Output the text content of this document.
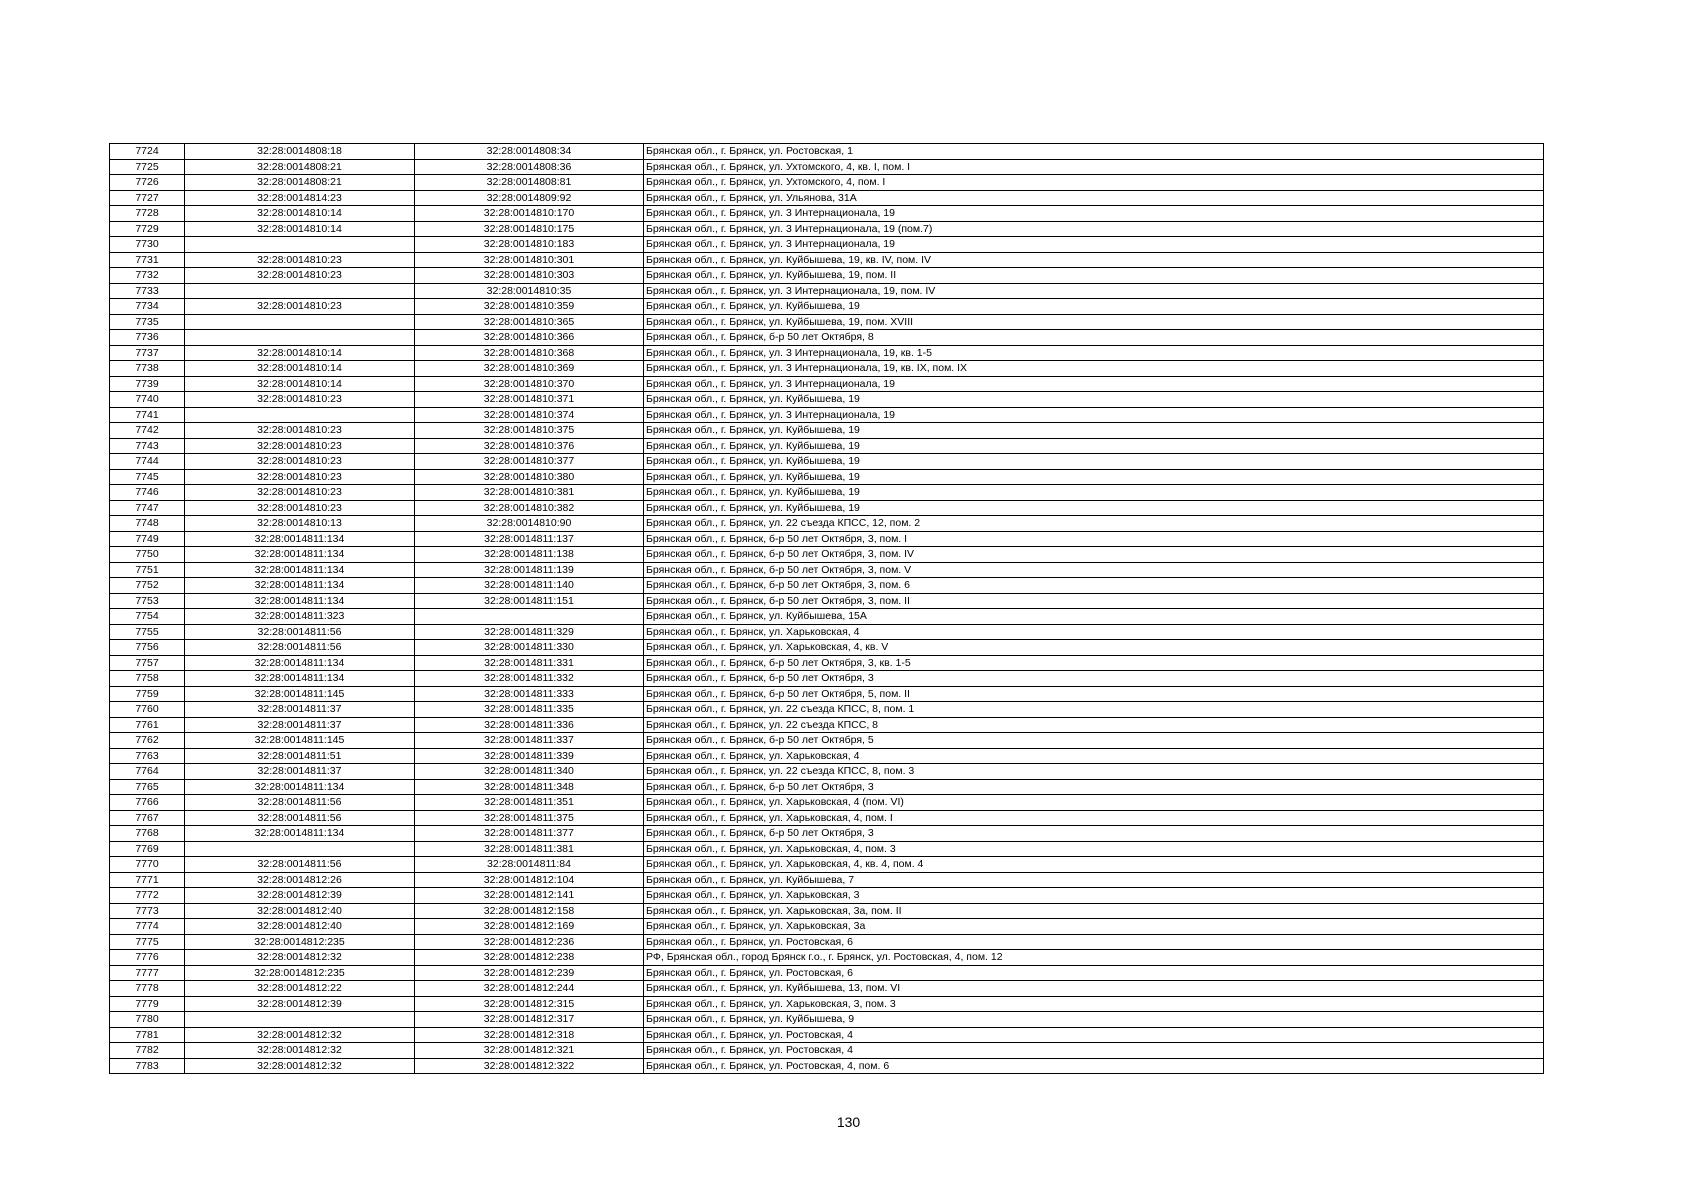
7724	32:28:0014808:18	32:28:0014808:34	Брянская обл., г. Брянск, ул. Ростовская, 1
7725	32:28:0014808:21	32:28:0014808:36	Брянская обл., г. Брянск, ул. Ухтомского, 4, кв. I, пом. I
7726	32:28:0014808:21	32:28:0014808:81	Брянская обл., г. Брянск, ул. Ухтомского, 4, пом. I
7727	32:28:0014814:23	32:28:0014809:92	Брянская обл., г. Брянск, ул. Ульянова, 31А
7728	32:28:0014810:14	32:28:0014810:170	Брянская обл., г. Брянск, ул. 3 Интернационала, 19
7729	32:28:0014810:14	32:28:0014810:175	Брянская обл., г. Брянск, ул. 3 Интернационала, 19 (пом.7)
7730		32:28:0014810:183	Брянская обл., г. Брянск, ул. 3 Интернационала, 19
7731	32:28:0014810:23	32:28:0014810:301	Брянская обл., г. Брянск, ул. Куйбышева, 19, кв. IV, пом. IV
7732	32:28:0014810:23	32:28:0014810:303	Брянская обл., г. Брянск, ул. Куйбышева, 19, пом. II
7733		32:28:0014810:35	Брянская обл., г. Брянск, ул. 3 Интернационала, 19, пом. IV
7734	32:28:0014810:23	32:28:0014810:359	Брянская обл., г. Брянск, ул. Куйбышева, 19
7735		32:28:0014810:365	Брянская обл., г. Брянск, ул. Куйбышева, 19, пом. XVIII
7736		32:28:0014810:366	Брянская обл., г. Брянск, б-р 50 лет Октября, 8
7737	32:28:0014810:14	32:28:0014810:368	Брянская обл., г. Брянск, ул. 3 Интернационала, 19, кв. 1-5
7738	32:28:0014810:14	32:28:0014810:369	Брянская обл., г. Брянск, ул. 3 Интернационала, 19, кв. IX, пом. IX
7739	32:28:0014810:14	32:28:0014810:370	Брянская обл., г. Брянск, ул. 3 Интернационала, 19
7740	32:28:0014810:23	32:28:0014810:371	Брянская обл., г. Брянск, ул. Куйбышева, 19
7741		32:28:0014810:374	Брянская обл., г. Брянск, ул. 3 Интернационала, 19
7742	32:28:0014810:23	32:28:0014810:375	Брянская обл., г. Брянск, ул. Куйбышева, 19
7743	32:28:0014810:23	32:28:0014810:376	Брянская обл., г. Брянск, ул. Куйбышева, 19
7744	32:28:0014810:23	32:28:0014810:377	Брянская обл., г. Брянск, ул. Куйбышева, 19
7745	32:28:0014810:23	32:28:0014810:380	Брянская обл., г. Брянск, ул. Куйбышева, 19
7746	32:28:0014810:23	32:28:0014810:381	Брянская обл., г. Брянск, ул. Куйбышева, 19
7747	32:28:0014810:23	32:28:0014810:382	Брянская обл., г. Брянск, ул. Куйбышева, 19
7748	32:28:0014810:13	32:28:0014810:90	Брянская обл., г. Брянск, ул. 22 съезда КПСС, 12, пом. 2
7749	32:28:0014811:134	32:28:0014811:137	Брянская обл., г. Брянск, б-р 50 лет Октября, 3, пом. I
7750	32:28:0014811:134	32:28:0014811:138	Брянская обл., г. Брянск, б-р 50 лет Октября, 3, пом. IV
7751	32:28:0014811:134	32:28:0014811:139	Брянская обл., г. Брянск, б-р 50 лет Октября, 3, пом. V
7752	32:28:0014811:134	32:28:0014811:140	Брянская обл., г. Брянск, б-р 50 лет Октября, 3, пом. 6
7753	32:28:0014811:134	32:28:0014811:151	Брянская обл., г. Брянск, б-р 50 лет Октября, 3, пом. II
7754	32:28:0014811:323		Брянская обл., г. Брянск, ул. Куйбышева, 15А
7755	32:28:0014811:56	32:28:0014811:329	Брянская обл., г. Брянск, ул. Харьковская, 4
7756	32:28:0014811:56	32:28:0014811:330	Брянская обл., г. Брянск, ул. Харьковская, 4, кв. V
7757	32:28:0014811:134	32:28:0014811:331	Брянская обл., г. Брянск, б-р 50 лет Октября, 3, кв. 1-5
7758	32:28:0014811:134	32:28:0014811:332	Брянская обл., г. Брянск, б-р 50 лет Октября, 3
7759	32:28:0014811:145	32:28:0014811:333	Брянская обл., г. Брянск, б-р 50 лет Октября, 5, пом. II
7760	32:28:0014811:37	32:28:0014811:335	Брянская обл., г. Брянск, ул. 22 съезда КПСС, 8, пом. 1
7761	32:28:0014811:37	32:28:0014811:336	Брянская обл., г. Брянск, ул. 22 съезда КПСС, 8
7762	32:28:0014811:145	32:28:0014811:337	Брянская обл., г. Брянск, б-р 50 лет Октября, 5
7763	32:28:0014811:51	32:28:0014811:339	Брянская обл., г. Брянск, ул. Харьковская, 4
7764	32:28:0014811:37	32:28:0014811:340	Брянская обл., г. Брянск, ул. 22 съезда КПСС, 8, пом. 3
7765	32:28:0014811:134	32:28:0014811:348	Брянская обл., г. Брянск, б-р 50 лет Октября, 3
7766	32:28:0014811:56	32:28:0014811:351	Брянская обл., г. Брянск, ул. Харьковская, 4 (пом. VI)
7767	32:28:0014811:56	32:28:0014811:375	Брянская обл., г. Брянск, ул. Харьковская, 4, пом. I
7768	32:28:0014811:134	32:28:0014811:377	Брянская обл., г. Брянск, б-р 50 лет Октября, 3
7769		32:28:0014811:381	Брянская обл., г. Брянск, ул. Харьковская, 4, пом. 3
7770	32:28:0014811:56	32:28:0014811:84	Брянская обл., г. Брянск, ул. Харьковская, 4, кв. 4, пом. 4
7771	32:28:0014812:26	32:28:0014812:104	Брянская обл., г. Брянск, ул. Куйбышева, 7
7772	32:28:0014812:39	32:28:0014812:141	Брянская обл., г. Брянск, ул. Харьковская, 3
7773	32:28:0014812:40	32:28:0014812:158	Брянская обл., г. Брянск, ул. Харьковская, 3а, пом. II
7774	32:28:0014812:40	32:28:0014812:169	Брянская обл., г. Брянск, ул. Харьковская, 3а
7775	32:28:0014812:235	32:28:0014812:236	Брянская обл., г. Брянск, ул. Ростовская, 6
7776	32:28:0014812:32	32:28:0014812:238	РФ, Брянская обл., город Брянск г.о., г. Брянск, ул. Ростовская, 4, пом. 12
7777	32:28:0014812:235	32:28:0014812:239	Брянская обл., г. Брянск, ул. Ростовская, 6
7778	32:28:0014812:22	32:28:0014812:244	Брянская обл., г. Брянск, ул. Куйбышева, 13, пом. VI
7779	32:28:0014812:39	32:28:0014812:315	Брянская обл., г. Брянск, ул. Харьковская, 3, пом. 3
7780		32:28:0014812:317	Брянская обл., г. Брянск, ул. Куйбышева, 9
7781	32:28:0014812:32	32:28:0014812:318	Брянская обл., г. Брянск, ул. Ростовская, 4
7782	32:28:0014812:32	32:28:0014812:321	Брянская обл., г. Брянск, ул. Ростовская, 4
7783	32:28:0014812:32	32:28:0014812:322	Брянская обл., г. Брянск, ул. Ростовская, 4, пом. 6
130
